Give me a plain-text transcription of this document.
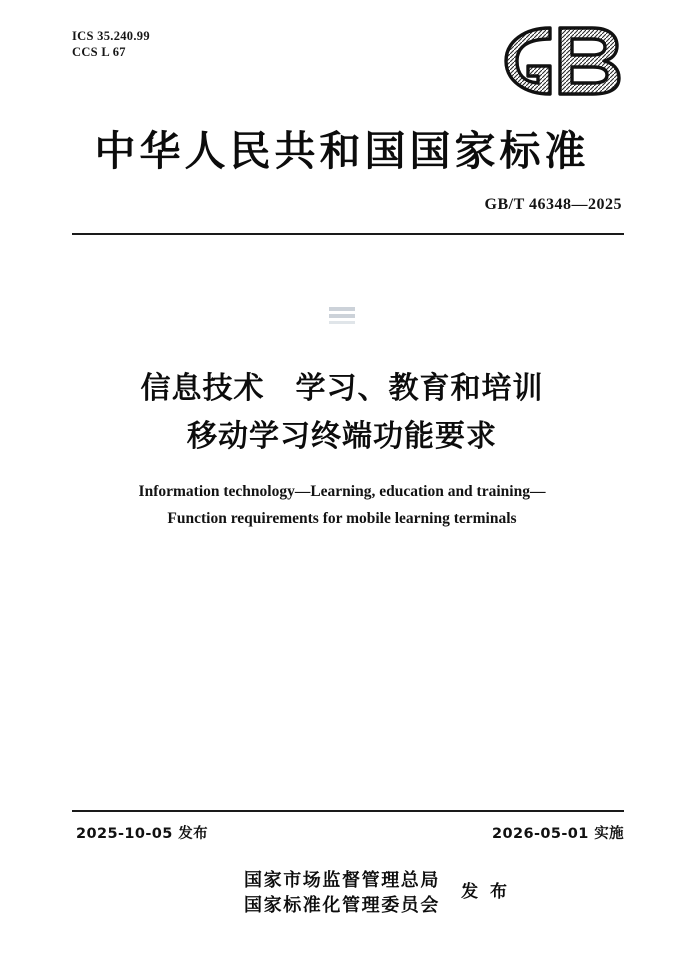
ICS 35.240.99
CCS L 67
中华人民共和国国家标准
GB/T 46348—2025
信息技术　学习、教育和培训
移动学习终端功能要求
Information technology—Learning, education and training—
Function requirements for mobile learning terminals
2025-10-05 发布	2026-05-01 实施
国家市场监督管理总局
国家标准化管理委员会
发 布
